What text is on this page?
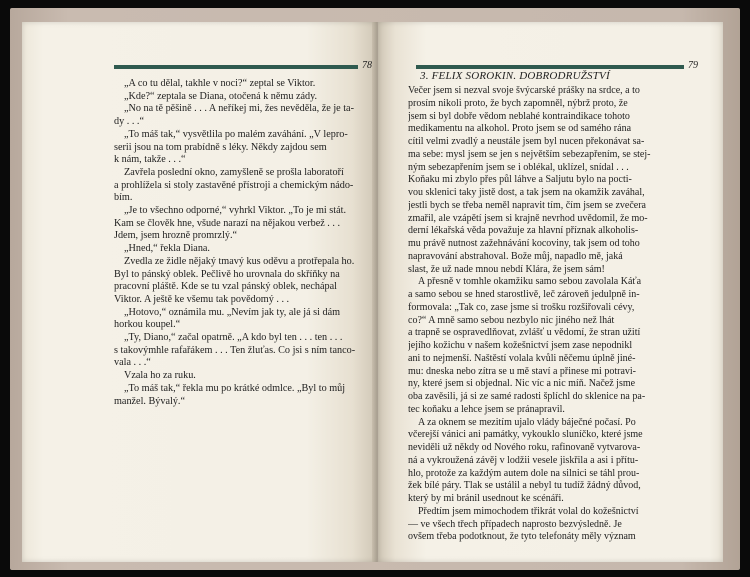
78
„A co tu dělal, takhle v noci?“ zeptal se Viktor.
„Kde?“ zeptala se Diana, otočená k němu zády.
„No na tě pěšině . . . A neříkej mi, žes nevěděla, že je ta-
dy . . .“
„To máš tak,“ vysvětlila po malém zaváhání. „V lepro-
serii jsou na tom prabídně s léky. Někdy zajdou sem
k nám, takže . . .“
Zavřela poslední okno, zamyšleně se prošla laboratoří
a prohlížela si stoly zastavěné přístroji a chemickým nádo-
bím.
„Je to všechno odporné,“ vyhrkl Viktor. „To je mi stát.
Kam se člověk hne, všude narazí na nějakou verbež . . .
Jdem, jsem hrozně promrzlý.“
„Hned,“ řekla Diana.
Zvedla ze židle nějaký tmavý kus oděvu a protřepala ho.
Byl to pánský oblek. Pečlivě ho urovnala do skříňky na
pracovní pláště. Kde se tu vzal pánský oblek, nechápal
Viktor. A ještě ke všemu tak povědomý . . .
„Hotovo,“ oznámila mu. „Nevím jak ty, ale já si dám
horkou koupel.“
„Ty, Diano,“ začal opatrně. „A kdo byl ten . . . ten . . .
s takovýmhle rafařákem . . . Ten žluťas. Co jsi s ním tanco-
vala . . .“
Vzala ho za ruku.
„To máš tak,“ řekla mu po krátké odmlce. „Byl to můj
manžel. Bývalý.“
3. FELIX SOROKIN. DOBRODRUŽSTVÍ
79
Večer jsem si nezval svoje švýcarské prášky na srdce, a to
prosím nikoli proto, že bych zapomněl, nýbrž proto, že
jsem si byl dobře vědom neblahé kontraindikace tohoto
medikamentu na alkohol. Proto jsem se od samého rána
cítil velmi zvadlý a neustále jsem byl nucen překonávat sa-
ma sebe: mysl jsem se jen s největším sebezapřením, se stej-
ným sebezapřením jsem se i oblékal, uklízel, snídal . . .
Koňaku mi zbylo přes půl láhve a Saljutu bylo na pocti-
vou sklenici taky jistě dost, a tak jsem na okamžik zaváhal,
jestli bych se třeba neměl napravit tím, čím jsem se zvečera
zmařil, ale vzápětí jsem si krajně nevrhod uvědomil, že mo-
derní lékařská věda považuje za hlavní příznak alkoholis-
mu právě nutnost zažehnávání kocoviny, tak jsem od toho
napravování abstrahoval. Bože můj, napadlo mě, jaká
slast, že už nade mnou nebdí Klára, že jsem sám!
A přesně v tomhle okamžiku samo sebou zavolala Káťa
a samo sebou se hned starostlivě, leč zároveň jedulpně in-
formovala: „Tak co, zase jsme si trošku rozšiřovali cévy,
co?“ A mně samo sebou nezbylo nic jiného než lhát
a trapně se ospravedlňovat, zvlášť u vědomí, že stran užití
jejího kožichu v našem kožešnictví jsem zase nepodnikl
ani to nejmenší. Naštěstí volala kvůli něčemu úplně jiné-
mu: dneska nebo zítra se u mě staví a přinese mi potravi-
ny, které jsem si objednal. Nic víc a nic míň. Načež jsme
oba zavěsili, já si ze samé radosti šplíchl do sklenice na pa-
tec koňaku a lehce jsem se pránapravil.
A za oknem se mezitím ujalo vlády báječné počasí. Po
včerejší vánici ani památky, vykouklo sluníčko, které jsme
neviděli už někdy od Nového roku, rafinovaně vytvarova-
ná a vykroužená závěj v lodžii vesele jiskřila a asi i přítu-
hlo, protože za každým autem dole na silnici se táhl prou-
žek bílé páry. Tlak se ustálil a nebyl tu tudíž žádný důvod,
který by mi bránil usednout ke scénáři.
Předtím jsem mimochodem třikrát volal do kožešnictví
— ve všech třech případech naprosto bezvýsledně. Je
ovšem třeba podotknout, že tyto telefonáty měly význam
